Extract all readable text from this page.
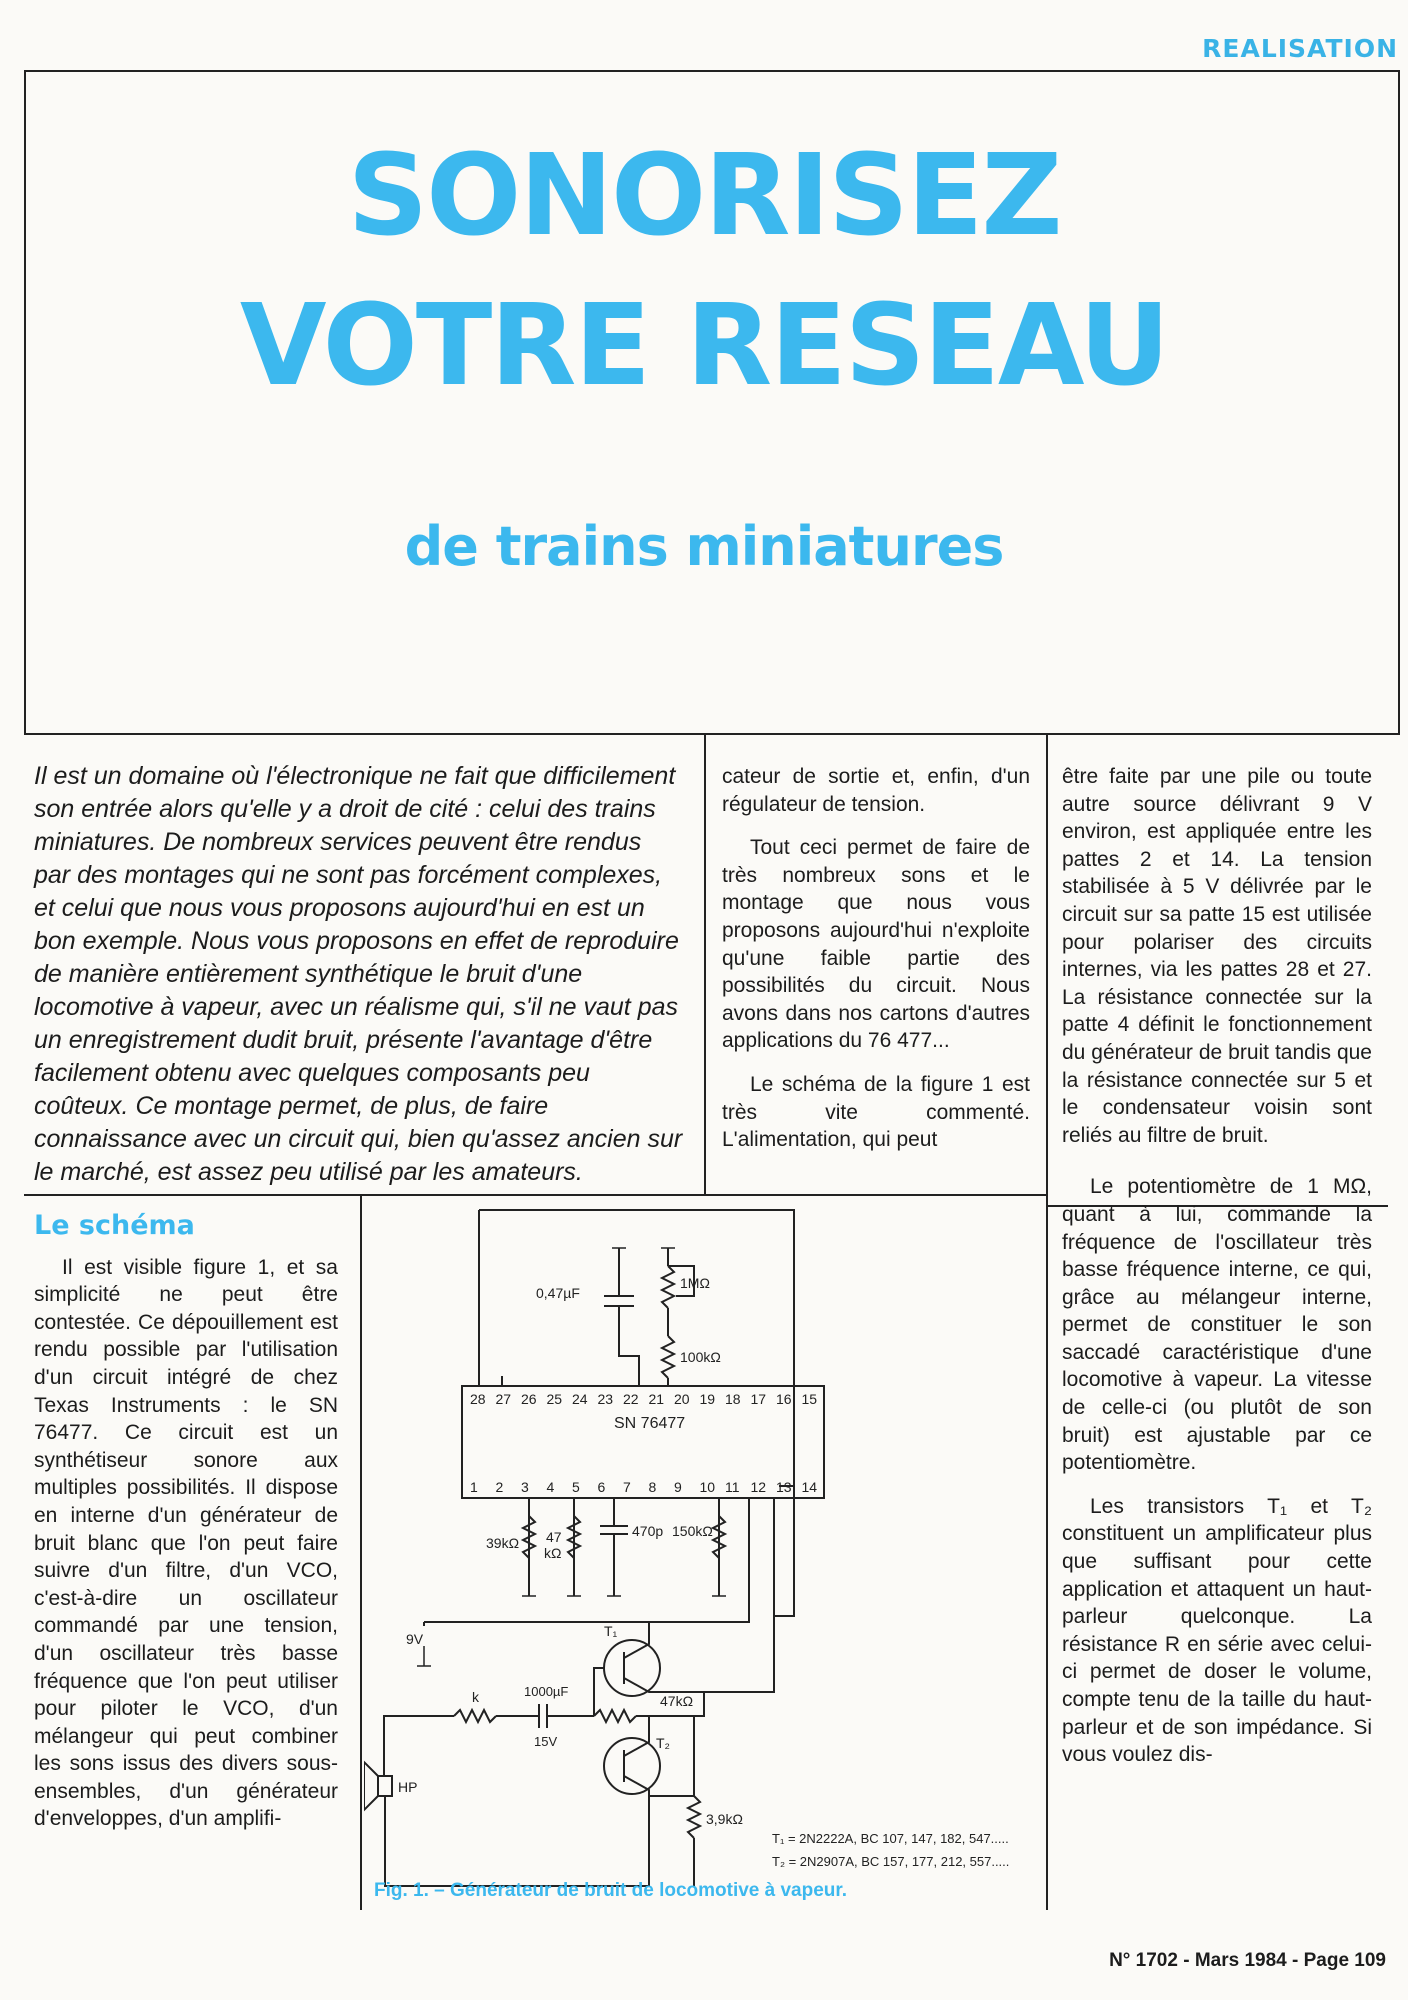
REALISATION
SONORISEZ
VOTRE RESEAU
de trains miniatures

Il est un domaine où l'électronique ne fait que difficilement son entrée alors qu'elle y a droit de cité : celui des trains miniatures. De nombreux services peuvent être rendus par des montages qui ne sont pas forcément complexes, et celui que nous vous proposons aujourd'hui en est un bon exemple. Nous vous proposons en effet de reproduire de manière entièrement synthétique le bruit d'une locomotive à vapeur, avec un réalisme qui, s'il ne vaut pas un enregistrement dudit bruit, présente l'avantage d'être facilement obtenu avec quelques composants peu coûteux. Ce montage permet, de plus, de faire connaissance avec un circuit qui, bien qu'assez ancien sur le marché, est assez peu utilisé par les amateurs.

cateur de sortie et, enfin, d'un régulateur de tension.

Tout ceci permet de faire de très nombreux sons et le montage que nous vous proposons aujourd'hui n'exploite qu'une faible partie des possibilités du circuit. Nous avons dans nos cartons d'autres applications du 76 477...

Le schéma de la figure 1 est très vite commenté. L'alimentation, qui peut

être faite par une pile ou toute autre source délivrant 9 V environ, est appliquée entre les pattes 2 et 14. La tension stabilisée à 5 V délivrée par le circuit sur sa patte 15 est utilisée pour polariser des circuits internes, via les pattes 28 et 27. La résistance connectée sur la patte 4 définit le fonctionnement du générateur de bruit tandis que la résistance connectée sur 5 et le condensateur voisin sont reliés au filtre de bruit.

Le potentiomètre de 1 MΩ, quant à lui, commande la fréquence de l'oscillateur très basse fréquence interne, ce qui, grâce au mélangeur interne, permet de constituer le son saccadé caractéristique d'une locomotive à vapeur. La vitesse de celle-ci (ou plutôt de son bruit) est ajustable par ce potentiomètre.

Les transistors T₁ et T₂ constituent un amplificateur plus que suffisant pour cette application et attaquent un haut-parleur quelconque. La résistance R en série avec celui-ci permet de doser le volume, compte tenu de la taille du haut-parleur et de son impédance. Si vous voulez dis-

Le schéma

Il est visible figure 1, et sa simplicité ne peut être contestée. Ce dépouillement est rendu possible par l'utilisation d'un circuit intégré de chez Texas Instruments : le SN 76477. Ce circuit est un synthétiseur sonore aux multiples possibilités. Il dispose en interne d'un générateur de bruit blanc que l'on peut faire suivre d'un filtre, d'un VCO, c'est-à-dire un oscillateur commandé par une tension, d'un oscillateur très basse fréquence que l'on peut utiliser pour piloter le VCO, d'un mélangeur qui peut combiner les sons issus des divers sous-ensembles, d'un générateur d'enveloppes, d'un amplifi-

28 27 26 25 24 23 22 21 20 19 18 17 16 15
1 2 3 4 5 6 7 8 9 10 11 12 13 14
SN 76477
0,47µF
1MΩ
100kΩ
39kΩ 47
kΩ
470p 150kΩ
9V	T₁
T₂
k	1000µF
15V
47kΩ
HP
3,9kΩ
T₁ = 2N2222A, BC 107, 147, 182, 547.....
T₂ = 2N2907A, BC 157, 177, 212, 557.....
Fig. 1. – Générateur de bruit de locomotive à vapeur.
N° 1702 - Mars 1984 - Page 109
